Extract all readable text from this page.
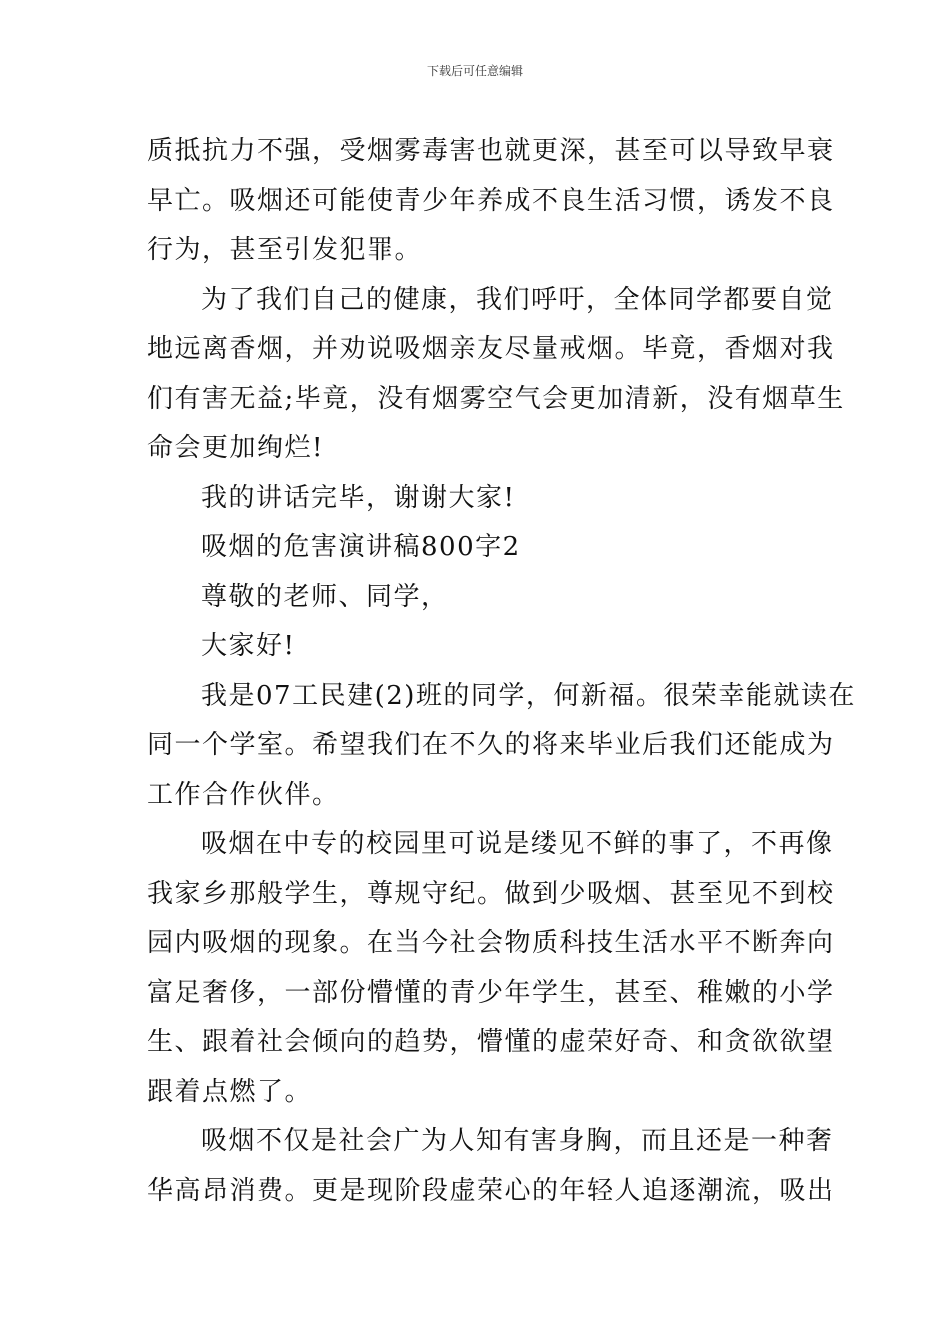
下载后可任意编辑

质抵抗力不强，受烟雾毒害也就更深，甚至可以导致早衰
早亡。吸烟还可能使青少年养成不良生活习惯，诱发不良
行为，甚至引发犯罪。

为了我们自己的健康，我们呼吁，全体同学都要自觉
地远离香烟，并劝说吸烟亲友尽量戒烟。毕竟，香烟对我
们有害无益;毕竟，没有烟雾空气会更加清新，没有烟草生
命会更加绚烂!

我的讲话完毕，谢谢大家!

吸烟的危害演讲稿800字2

尊敬的老师、同学，

大家好!

我是07工民建(2)班的同学，何新福。很荣幸能就读在
同一个学室。希望我们在不久的将来毕业后我们还能成为
工作合作伙伴。

吸烟在中专的校园里可说是缕见不鲜的事了，不再像
我家乡那般学生，尊规守纪。做到少吸烟、甚至见不到校
园内吸烟的现象。在当今社会物质科技生活水平不断奔向
富足奢侈，一部份懵懂的青少年学生，甚至、稚嫩的小学
生、跟着社会倾向的趋势，懵懂的虚荣好奇、和贪欲欲望
跟着点燃了。

吸烟不仅是社会广为人知有害身胸，而且还是一种奢
华高昂消费。更是现阶段虚荣心的年轻人追逐潮流，吸出
